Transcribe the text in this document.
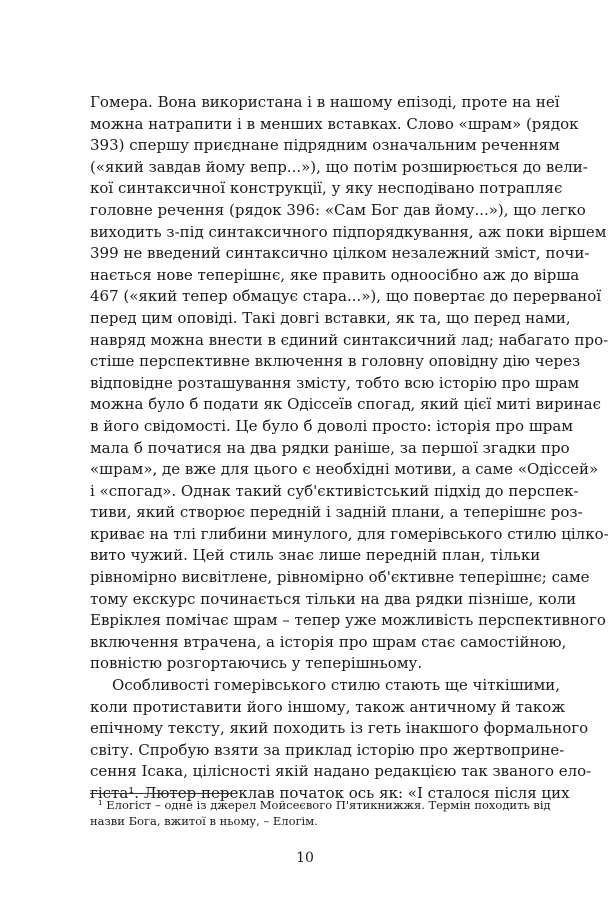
Гомера. Вона використана і в нашому епізоді, проте на неї
можна натрапити і в менших вставках. Слово «шрам» (рядок
393) спершу приєднане підрядним означальним реченням
(«який завдав йому вепр...»), що потім розширюється до вели-
кої синтаксичної конструкції, у яку несподівано потрапляє
головне речення (рядок 396: «Сам Бог дав йому...»), що легко
виходить з-під синтаксичного підпорядкування, аж поки віршем
399 не введений синтаксично цілком незалежний зміст, почи-
нається нове теперішнє, яке править одноосібно аж до вірша
467 («який тепер обмацує стара...»), що повертає до перерваної
перед цим оповіді. Такі довгі вставки, як та, що перед нами,
навряд можна внести в єдиний синтаксичний лад; набагато про-
стіше перспективне включення в головну оповідну дію через
відповідне розташування змісту, тобто всю історію про шрам
можна було б подати як Одіссеїв спогад, який цієї миті виринає
в його свідомості. Це було б доволі просто: історія про шрам
мала б початися на два рядки раніше, за першої згадки про
«шрам», де вже для цього є необхідні мотиви, а саме «Одіссей»
і «спогад». Однак такий суб'єктивістський підхід до перспек-
тиви, який створює передній і задній плани, а теперішнє роз-
криває на тлі глибини минулого, для гомерівського стилю цілко-
вито чужий. Цей стиль знає лише передній план, тільки
рівномірно висвітлене, рівномірно об'єктивне теперішнє; саме
тому екскурс починається тільки на два рядки пізніше, коли
Евріклея помічає шрам – тепер уже можливість перспективного
включення втрачена, а історія про шрам стає самостійною,
повністю розгортаючись у теперішньому.
Особливості гомерівського стилю стають ще чіткішими,
коли протиставити його іншому, також античному й також
епічному тексту, який походить із геть інакшого формального
світу. Спробую взяти за приклад історію про жертвоприне-
сення Ісака, цілісності якій надано редакцією так званого ело-
гіста¹. Лютер переклав початок ось як: «І сталося після цих
¹ Елогіст – одне із джерел Мойсеєвого П'ятикнижжя. Термін походить від
назви Бога, вжитої в ньому, – Елогім.
10
